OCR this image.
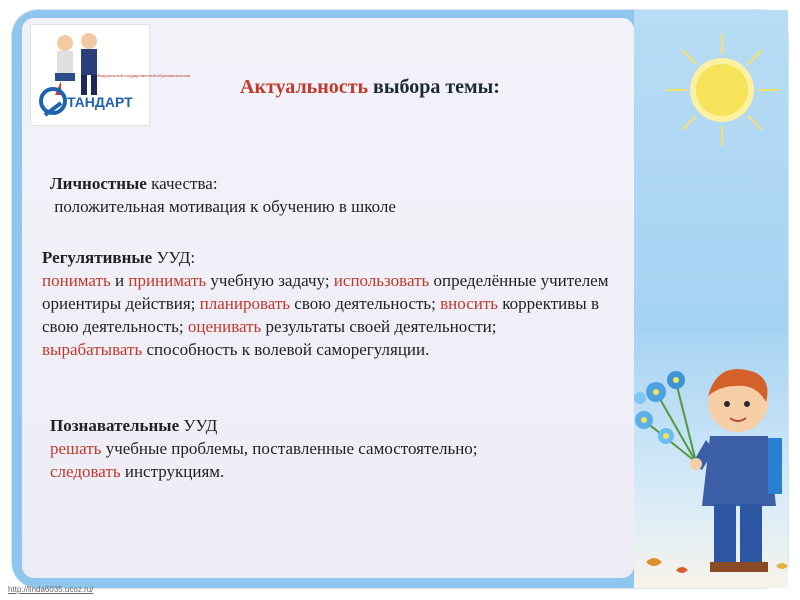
ТАНДАРТ
Федеральный государственный образовательный
Актуальность выбора темы:
Личностные качества:
положительная мотивация к обучению в школе
Регулятивные УУД:
понимать и принимать учебную задачу; использовать определённые учителем
ориентиры действия; планировать свою деятельность; вносить коррективы в
свою деятельность; оценивать результаты своей деятельности;
вырабатывать способность к волевой саморегуляции.
Познавательные УУД
решать учебные проблемы, поставленные самостоятельно;
следовать инструкциям.
http://linda6035.ucoz.ru/
